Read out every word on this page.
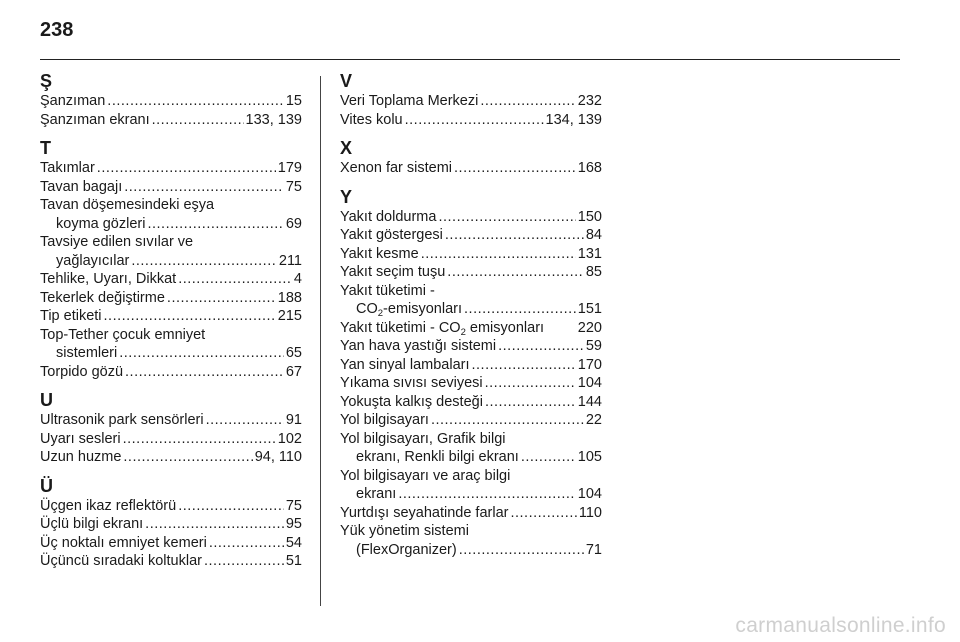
238
Ş
Şanzıman .....	15
Şanzıman ekranı .....	133, 139
T
Takımlar .....	179
Tavan bagajı .....	75
Tavan döşemesindeki eşya
koyma gözleri .....	69
Tavsiye edilen sıvılar ve
yağlayıcılar .....	211
Tehlike, Uyarı, Dikkat .....	4
Tekerlek değiştirme .....	188
Tip etiketi .....	215
Top-Tether çocuk emniyet
sistemleri .....	65
Torpido gözü .....	67
U
Ultrasonik park sensörleri .....	91
Uyarı sesleri .....	102
Uzun huzme .....	94, 110
Ü
Üçgen ikaz reflektörü .....	75
Üçlü bilgi ekranı .....	95
Üç noktalı emniyet kemeri .....	54
Üçüncü sıradaki koltuklar .....	51
V
Veri Toplama Merkezi .....	232
Vites kolu .....	134, 139
X
Xenon far sistemi .....	168
Y
Yakıt doldurma .....	150
Yakıt göstergesi .....	84
Yakıt kesme .....	131
Yakıt seçim tuşu .....	85
Yakıt tüketimi -
$CO_2$-emisyonları .....	151
Yakıt tüketimi - $CO_2$ emisyonları 220
Yan hava yastığı sistemi .....	59
Yan sinyal lambaları .....	170
Yıkama sıvısı seviyesi .....	104
Yokuşta kalkış desteği .....	144
Yol bilgisayarı .....	22
Yol bilgisayarı, Grafik bilgi
ekranı, Renkli bilgi ekranı .....	105
Yol bilgisayarı ve araç bilgi
ekranı .....	104
Yurtdışı seyahatinde farlar .....	110
Yük yönetim sistemi
(FlexOrganizer) .....	71
carmanualsonline.info
